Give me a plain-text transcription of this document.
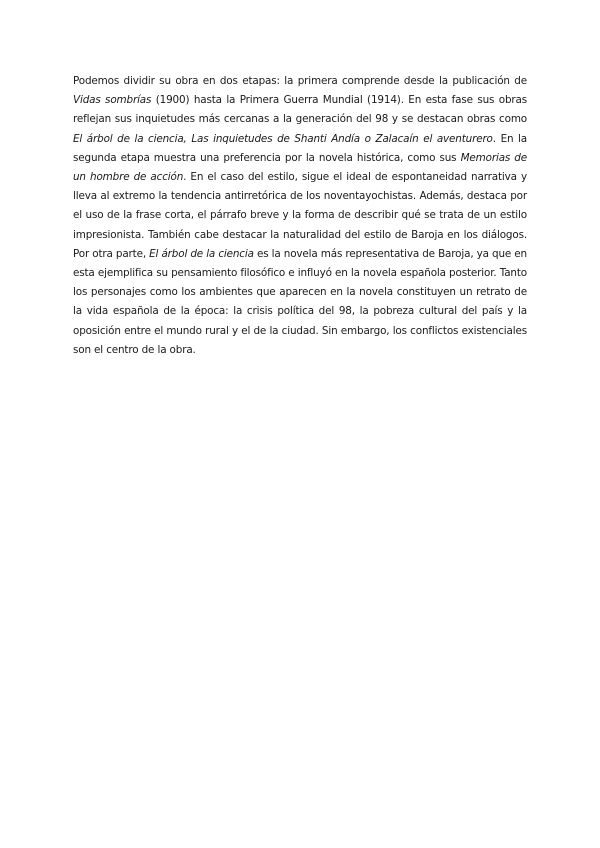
Podemos dividir su obra en dos etapas: la primera comprende desde la publicación de Vidas sombrías (1900) hasta la Primera Guerra Mundial (1914). En esta fase sus obras reflejan sus inquietudes más cercanas a la generación del 98 y se destacan obras como El árbol de la ciencia, Las inquietudes de Shanti Andía o Zalacaín el aventurero. En la segunda etapa muestra una preferencia por la novela histórica, como sus Memorias de un hombre de acción. En el caso del estilo, sigue el ideal de espontaneidad narrativa y lleva al extremo la tendencia antirretórica de los noventayochistas. Además, destaca por el uso de la frase corta, el párrafo breve y la forma de describir qué se trata de un estilo impresionista. También cabe destacar la naturalidad del estilo de Baroja en los diálogos. Por otra parte, El árbol de la ciencia es la novela más representativa de Baroja, ya que en esta ejemplifica su pensamiento filosófico e influyó en la novela española posterior. Tanto los personajes como los ambientes que aparecen en la novela constituyen un retrato de la vida española de la época: la crisis política del 98, la pobreza cultural del país y la oposición entre el mundo rural y el de la ciudad. Sin embargo, los conflictos existenciales son el centro de la obra.
